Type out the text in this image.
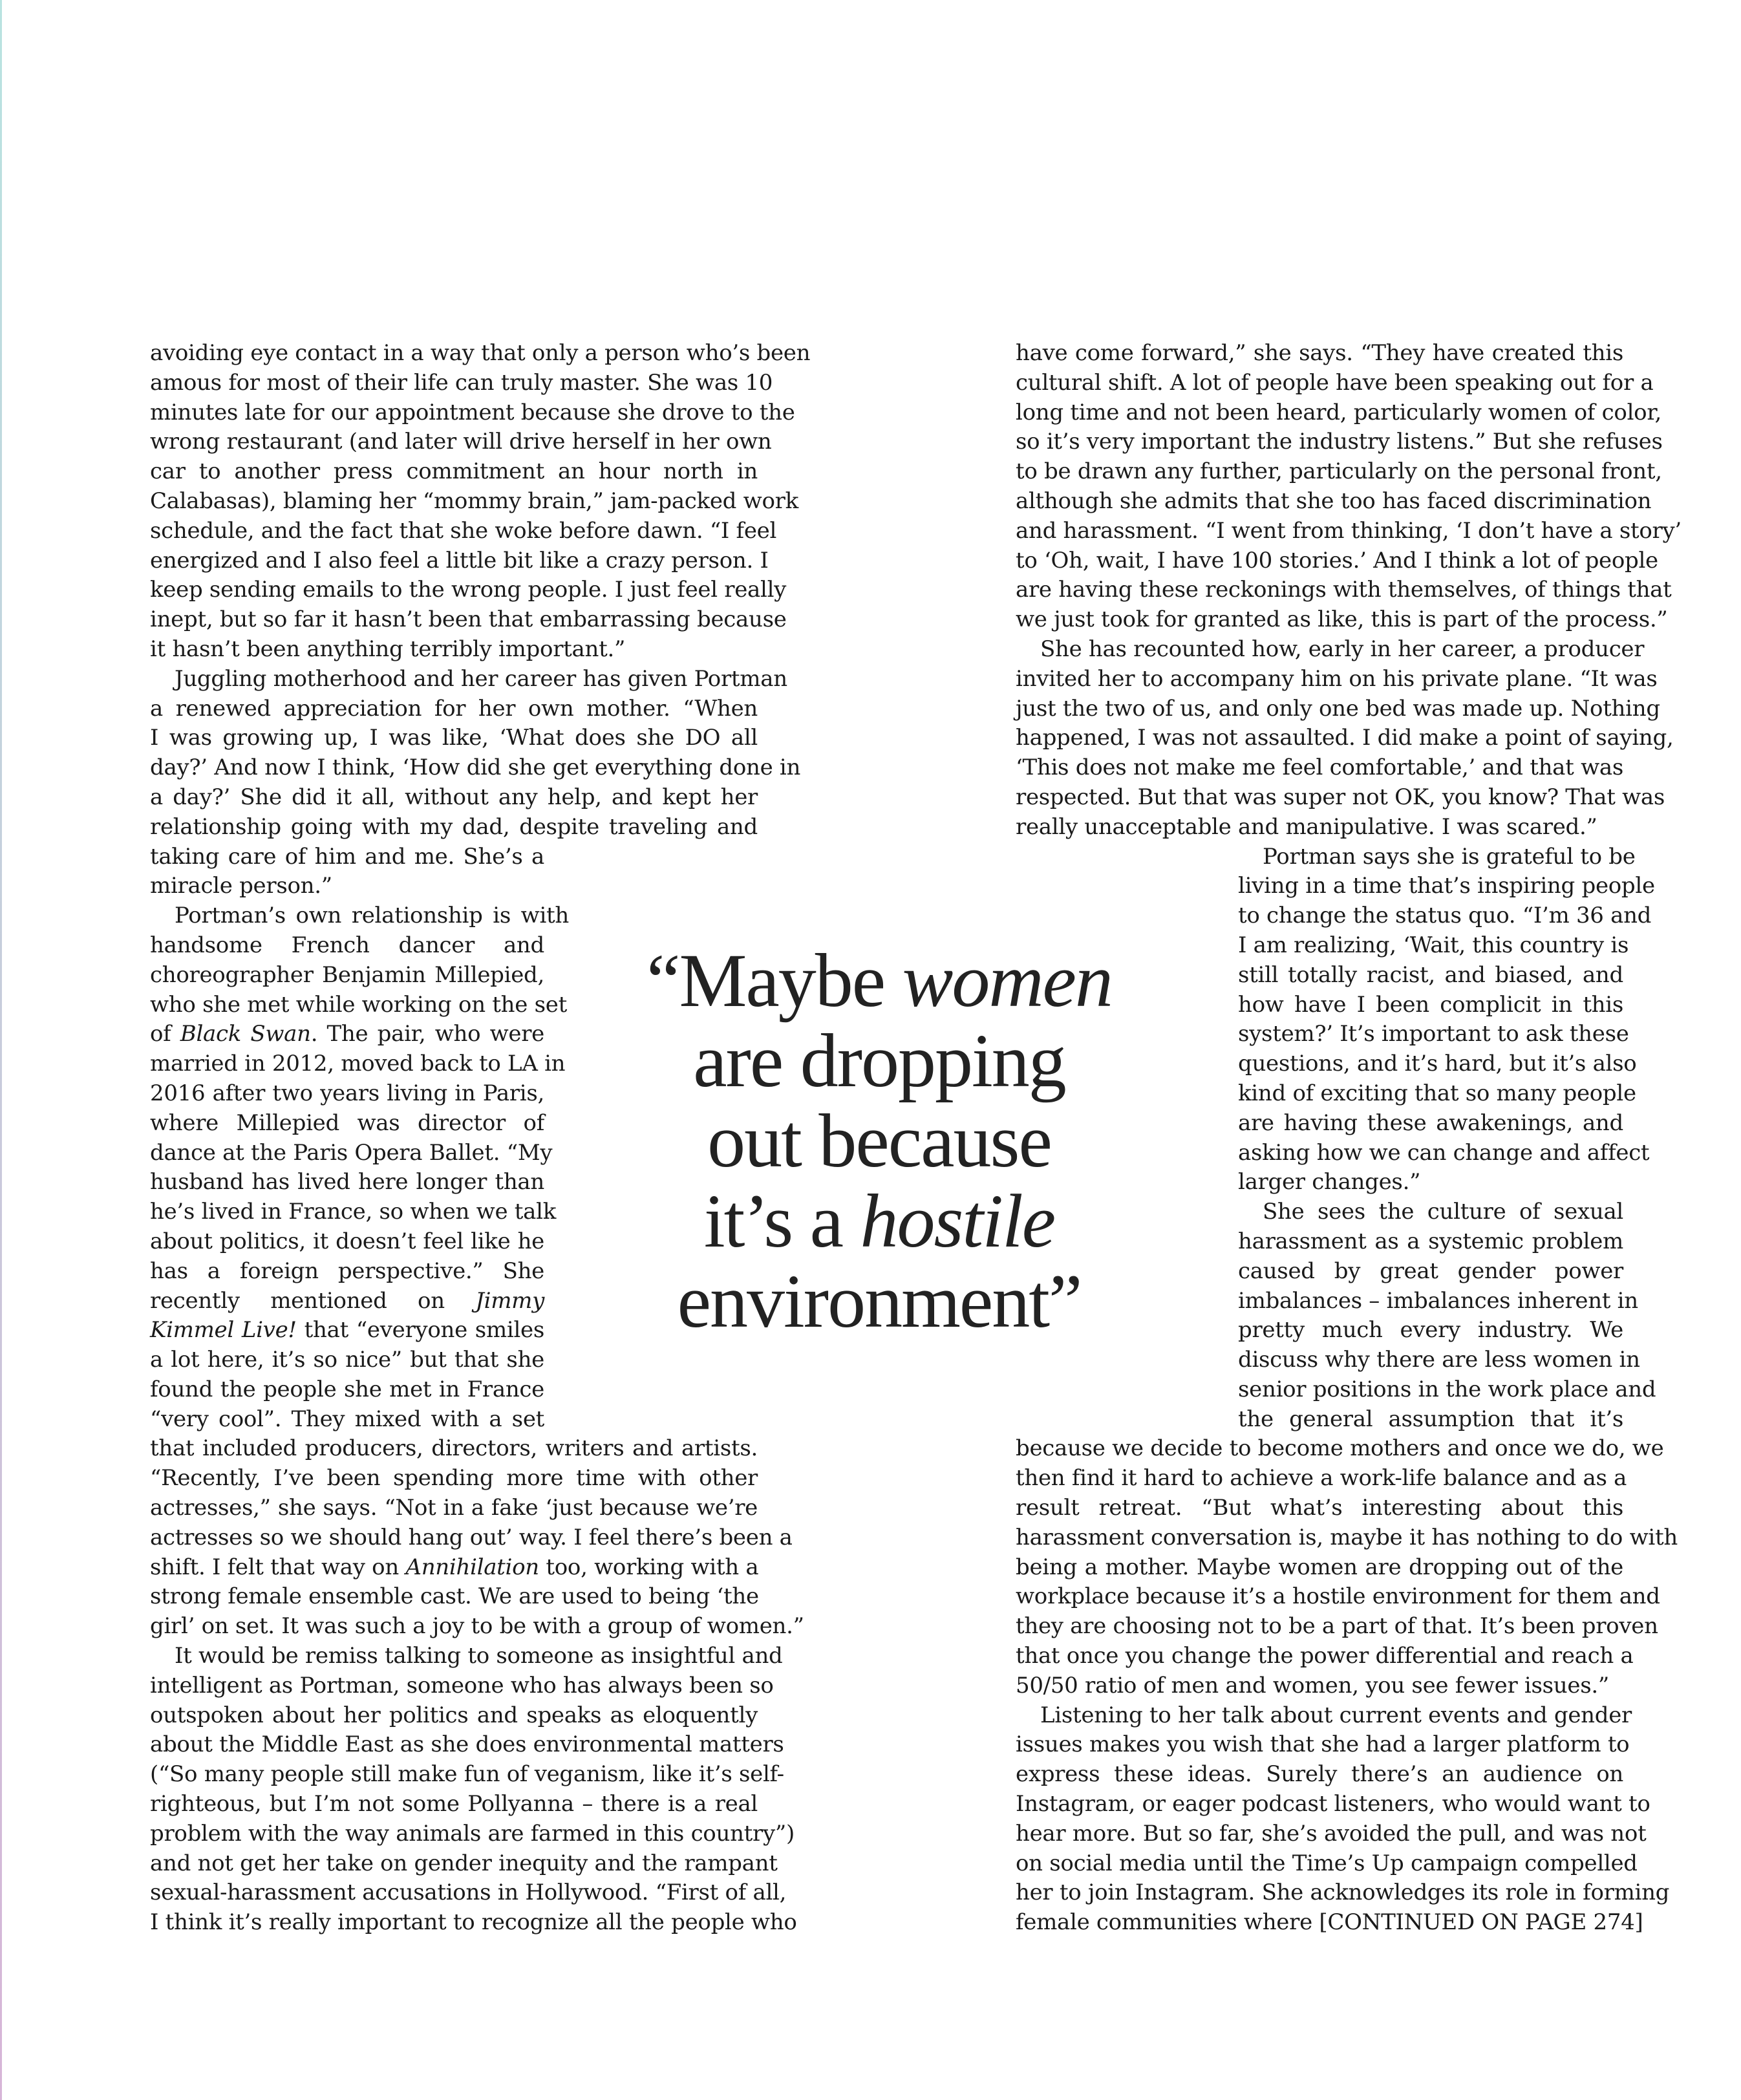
avoiding eye contact in a way that only a person who’s been
amous for most of their life can truly master. She was 10
minutes late for our appointment because she drove to the
wrong restaurant (and later will drive herself in her own
car to another press commitment an hour north in
Calabasas), blaming her “mommy brain,” jam-packed work
schedule, and the fact that she woke before dawn. “I feel
energized and I also feel a little bit like a crazy person. I
keep sending emails to the wrong people. I just feel really
inept, but so far it hasn’t been that embarrassing because
it hasn’t been anything terribly important.”
Juggling motherhood and her career has given Portman
a renewed appreciation for her own mother. “When
I was growing up, I was like, ‘What does she DO all
day?’ And now I think, ‘How did she get everything done in
a day?’ She did it all, without any help, and kept her
relationship going with my dad, despite traveling and
taking care of him and me. She’s a
miracle person.”
Portman’s own relationship is with
handsome French dancer and
choreographer Benjamin Millepied,
who she met while working on the set
of Black Swan. The pair, who were
married in 2012, moved back to LA in
2016 after two years living in Paris,
where Millepied was director of
dance at the Paris Opera Ballet. “My
husband has lived here longer than
he’s lived in France, so when we talk
about politics, it doesn’t feel like he
has a foreign perspective.” She
recently mentioned on Jimmy
Kimmel Live! that “everyone smiles
a lot here, it’s so nice” but that she
found the people she met in France
“very cool”. They mixed with a set
that included producers, directors, writers and artists.
“Recently, I’ve been spending more time with other
actresses,” she says. “Not in a fake ‘just because we’re
actresses so we should hang out’ way. I feel there’s been a
shift. I felt that way on Annihilation too, working with a
strong female ensemble cast. We are used to being ‘the
girl’ on set. It was such a joy to be with a group of women.”
It would be remiss talking to someone as insightful and
intelligent as Portman, someone who has always been so
outspoken about her politics and speaks as eloquently
about the Middle East as she does environmental matters
(“So many people still make fun of veganism, like it’s self-
righteous, but I’m not some Pollyanna – there is a real
problem with the way animals are farmed in this country”)
and not get her take on gender inequity and the rampant
sexual-harassment accusations in Hollywood. “First of all,
I think it’s really important to recognize all the people who
have come forward,” she says. “They have created this
cultural shift. A lot of people have been speaking out for a
long time and not been heard, particularly women of color,
so it’s very important the industry listens.” But she refuses
to be drawn any further, particularly on the personal front,
although she admits that she too has faced discrimination
and harassment. “I went from thinking, ‘I don’t have a story’
to ‘Oh, wait, I have 100 stories.’ And I think a lot of people
are having these reckonings with themselves, of things that
we just took for granted as like, this is part of the process.”
She has recounted how, early in her career, a producer
invited her to accompany him on his private plane. “It was
just the two of us, and only one bed was made up. Nothing
happened, I was not assaulted. I did make a point of saying,
‘This does not make me feel comfortable,’ and that was
respected. But that was super not OK, you know? That was
really unacceptable and manipulative. I was scared.”
Portman says she is grateful to be
living in a time that’s inspiring people
to change the status quo. “I’m 36 and
I am realizing, ‘Wait, this country is
still totally racist, and biased, and
how have I been complicit in this
system?’ It’s important to ask these
questions, and it’s hard, but it’s also
kind of exciting that so many people
are having these awakenings, and
asking how we can change and affect
larger changes.”
She sees the culture of sexual
harassment as a systemic problem
caused by great gender power
imbalances – imbalances inherent in
pretty much every industry. We
discuss why there are less women in
senior positions in the work place and
the general assumption that it’s
because we decide to become mothers and once we do, we
then find it hard to achieve a work-life balance and as a
result retreat. “But what’s interesting about this
harassment conversation is, maybe it has nothing to do with
being a mother. Maybe women are dropping out of the
workplace because it’s a hostile environment for them and
they are choosing not to be a part of that. It’s been proven
that once you change the power differential and reach a
50/50 ratio of men and women, you see fewer issues.”
Listening to her talk about current events and gender
issues makes you wish that she had a larger platform to
express these ideas. Surely there’s an audience on
Instagram, or eager podcast listeners, who would want to
hear more. But so far, she’s avoided the pull, and was not
on social media until the Time’s Up campaign compelled
her to join Instagram. She acknowledges its role in forming
female communities where [CONTINUED ON PAGE 274]
“Maybe women
are dropping
out because
it’s a hostile
environment”
